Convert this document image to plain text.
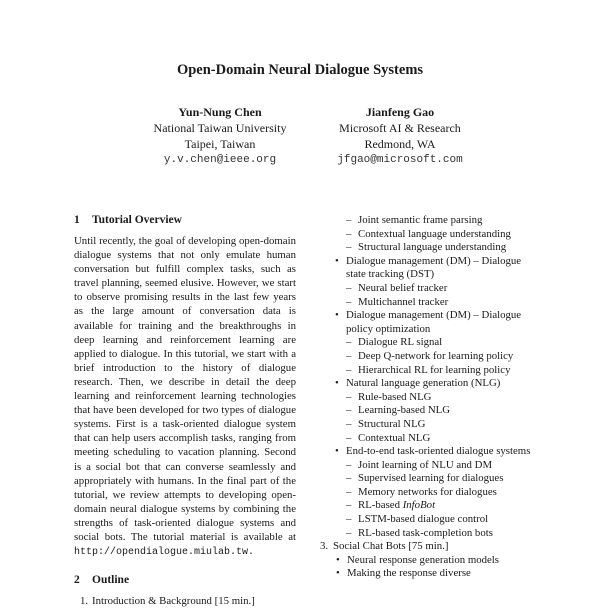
Open-Domain Neural Dialogue Systems
Yun-Nung Chen
National Taiwan University
Taipei, Taiwan
y.v.chen@ieee.org
Jianfeng Gao
Microsoft AI & Research
Redmond, WA
jfgao@microsoft.com
1 Tutorial Overview

Until recently, the goal of developing open-domain dialogue systems that not only emulate human conversation but fulfill complex tasks, such as travel planning, seemed elusive. However, we start to observe promising results in the last few years as the large amount of conversation data is available for training and the breakthroughs in deep learning and reinforcement learning are applied to dialogue. In this tutorial, we start with a brief introduction to the history of dialogue research. Then, we describe in detail the deep learning and reinforcement learning technologies that have been developed for two types of dialogue systems. First is a task-oriented dialogue system that can help users accomplish tasks, ranging from meeting scheduling to vacation planning. Second is a social bot that can converse seamlessly and appropriately with humans. In the final part of the tutorial, we review attempts to developing open-domain neural dialogue systems by combining the strengths of task-oriented dialogue systems and social bots. The tutorial material is available at http://opendialogue.miulab.tw.

2 Outline
1. Introduction & Background [15 min.]
– Joint semantic frame parsing
– Contextual language understanding
– Structural language understanding
• Dialogue management (DM) – Dialogue state tracking (DST)
– Neural belief tracker
– Multichannel tracker
• Dialogue management (DM) – Dialogue policy optimization
– Dialogue RL signal
– Deep Q-network for learning policy
– Hierarchical RL for learning policy
• Natural language generation (NLG)
– Rule-based NLG
– Learning-based NLG
– Structural NLG
– Contextual NLG
• End-to-end task-oriented dialogue systems
– Joint learning of NLU and DM
– Supervised learning for dialogues
– Memory networks for dialogues
– RL-based InfoBot
– LSTM-based dialogue control
– RL-based task-completion bots
3. Social Chat Bots [75 min.]
• Neural response generation models
• Making the response diverse
